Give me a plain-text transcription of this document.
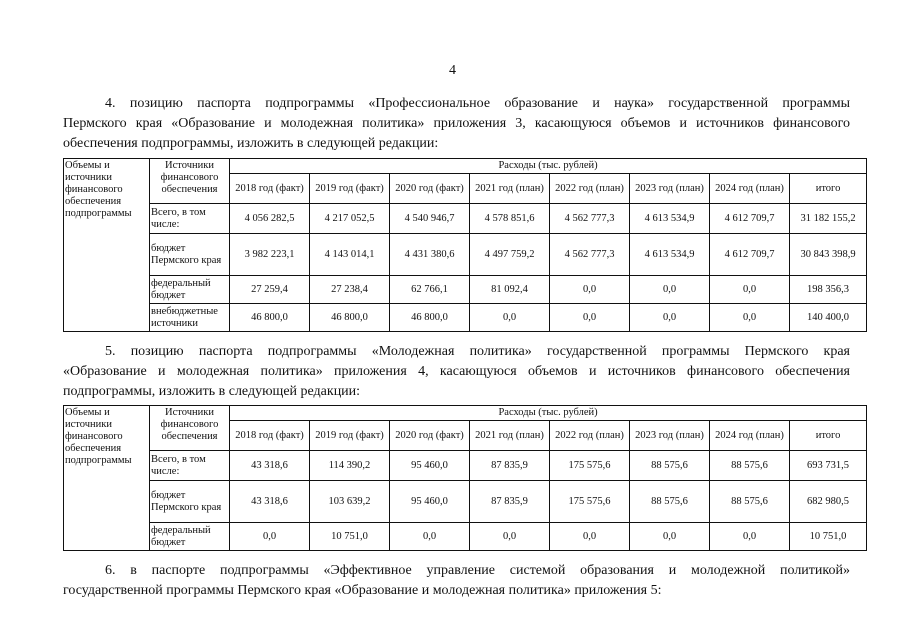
4
4. позицию паспорта подпрограммы «Профессиональное образование и наука» государственной программы
Пермского края «Образование и молодежная политика» приложения 3, касающуюся объемов и источников финансового
обеспечения подпрограммы, изложить в следующей редакции:
Объемы и источники финансового обеспечения подпрограммы	Источники финансового обеспечения	Расходы (тыс. рублей)							
		2018 год (факт)	2019 год (факт)	2020 год (факт)	2021 год (план)	2022 год (план)	2023 год (план)	2024 год (план)	итого
	Всего, в том числе:	4 056 282,5	4 217 052,5	4 540 946,7	4 578 851,6	4 562 777,3	4 613 534,9	4 612 709,7	31 182 155,2
	бюджет Пермского края	3 982 223,1	4 143 014,1	4 431 380,6	4 497 759,2	4 562 777,3	4 613 534,9	4 612 709,7	30 843 398,9
	федеральный бюджет	27 259,4	27 238,4	62 766,1	81 092,4	0,0	0,0	0,0	198 356,3
	внебюджетные источники	46 800,0	46 800,0	46 800,0	0,0	0,0	0,0	0,0	140 400,0
5. позицию паспорта подпрограммы «Молодежная политика» государственной программы Пермского края
«Образование и молодежная политика» приложения 4, касающуюся объемов и источников финансового обеспечения
подпрограммы, изложить в следующей редакции:
Объемы и источники финансового обеспечения подпрограммы	Источники финансового обеспечения	Расходы (тыс. рублей)							
		2018 год (факт)	2019 год (факт)	2020 год (факт)	2021 год (план)	2022 год (план)	2023 год (план)	2024 год (план)	итого
	Всего, в том числе:	43 318,6	114 390,2	95 460,0	87 835,9	175 575,6	88 575,6	88 575,6	693 731,5
	бюджет Пермского края	43 318,6	103 639,2	95 460,0	87 835,9	175 575,6	88 575,6	88 575,6	682 980,5
	федеральный бюджет	0,0	10 751,0	0,0	0,0	0,0	0,0	0,0	10 751,0
6. в паспорте подпрограммы «Эффективное управление системой образования и молодежной политикой»
государственной программы Пермского края «Образование и молодежная политика» приложения 5:
